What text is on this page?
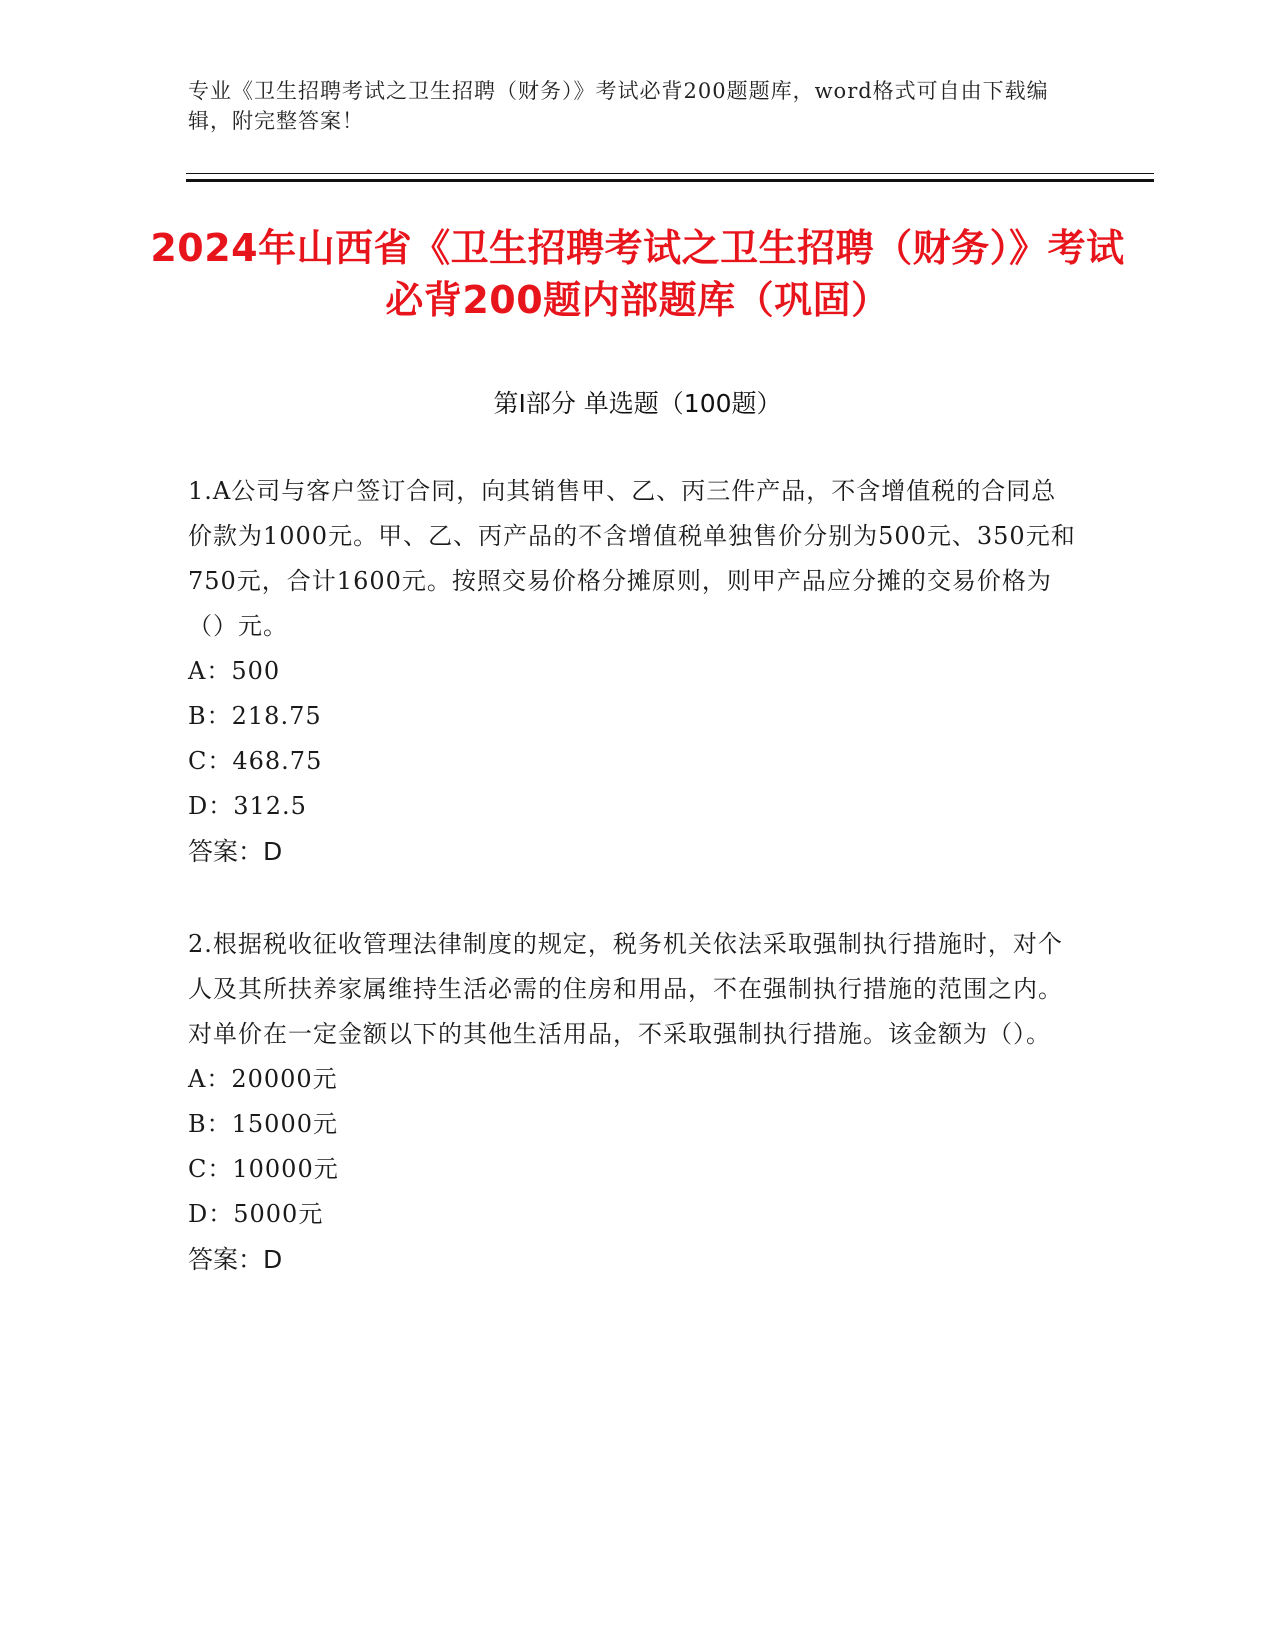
专业《卫生招聘考试之卫生招聘（财务）》考试必背200题题库，word格式可自由下载编辑，附完整答案！
2024年山西省《卫生招聘考试之卫生招聘（财务）》考试必背200题内部题库（巩固）
第Ⅰ部分 单选题（100题）

1.A公司与客户签订合同，向其销售甲、乙、丙三件产品，不含增值税的合同总价款为1000元。甲、乙、丙产品的不含增值税单独售价分别为500元、350元和750元，合计1600元。按照交易价格分摊原则，则甲产品应分摊的交易价格为（）元。

A：500

B：218.75

C：468.75

D：312.5

答案：D

2.根据税收征收管理法律制度的规定，税务机关依法采取强制执行措施时，对个人及其所扶养家属维持生活必需的住房和用品，不在强制执行措施的范围之内。对单价在一定金额以下的其他生活用品，不采取强制执行措施。该金额为（）。

A：20000元

B：15000元

C：10000元

D：5000元

答案：D
